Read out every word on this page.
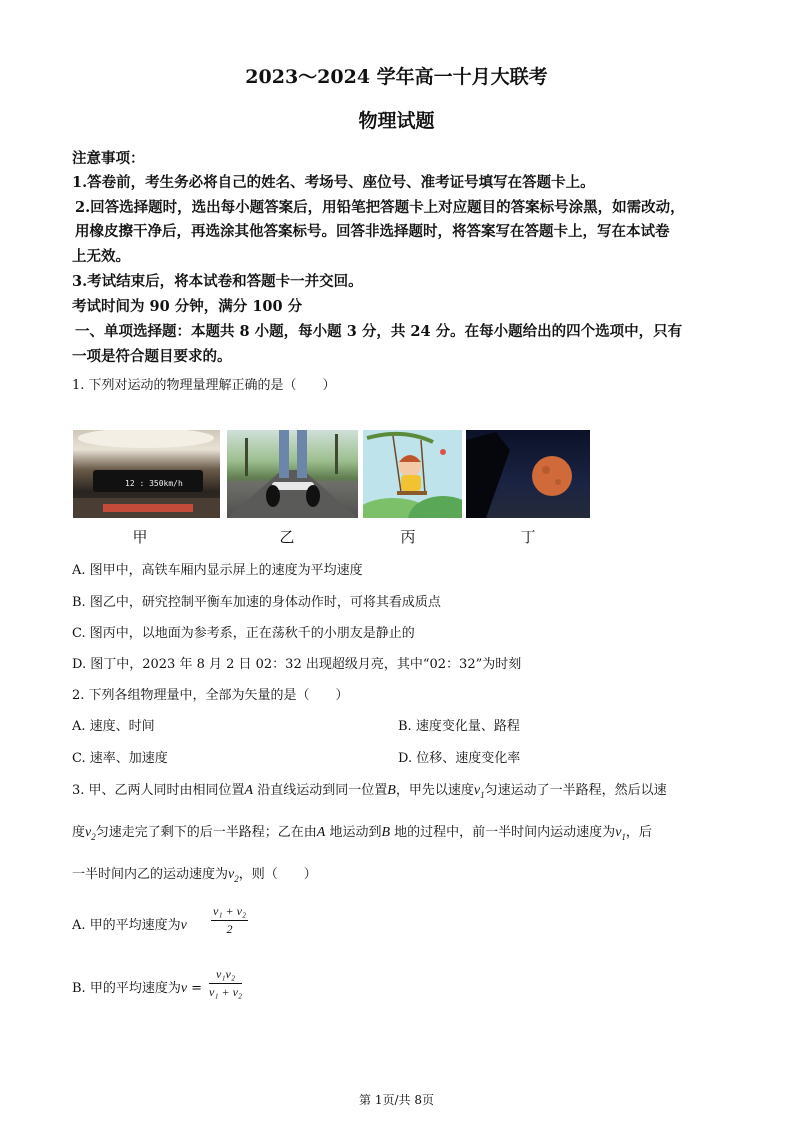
2023～2024 学年高一十月大联考
物理试题
注意事项：
1.答卷前，考生务必将自己的姓名、考场号、座位号、准考证号填写在答题卡上。
2.回答选择题时，选出每小题答案后，用铅笔把答题卡上对应题目的答案标号涂黑，如需改动，
用橡皮擦干净后，再选涂其他答案标号。回答非选择题时，将答案写在答题卡上，写在本试卷
上无效。
3.考试结束后，将本试卷和答题卡一并交回。
考试时间为 90 分钟，满分 100 分
一、单项选择题：本题共 8 小题，每小题 3 分，共 24 分。在每小题给出的四个选项中，只有
一项是符合题目要求的。
1. 下列对运动的物理量理解正确的是（　　）
12 : 350km/h
甲	乙	丙	丁
A. 图甲中，高铁车厢内显示屏上的速度为平均速度
B. 图乙中，研究控制平衡车加速的身体动作时，可将其看成质点
C. 图丙中，以地面为参考系，正在荡秋千的小朋友是静止的
D. 图丁中，2023 年 8 月 2 日 02：32 出现超级月亮，其中“02：32”为时刻
2. 下列各组物理量中，全部为矢量的是（　　）
A. 速度、时间	B. 速度变化量、路程
C. 速率、加速度	D. 位移、速度变化率
3. 甲、乙两人同时由相同位置A 沿直线运动到同一位置B，甲先以速度$v_1$匀速运动了一半路程，然后以速
度$v_2$匀速走完了剩下的后一半路程；乙在由A 地运动到B 地的过程中，前一半时间内运动速度为$v_1$，后
一半时间内乙的运动速度为$v_2$，则（　　）
A. 甲的平均速度为v $\frac{\text{v₁ + v₂}}{2}$
B. 甲的平均速度为$v = \frac{\text{v₁v₂}}{\text{v₁ + v₂}}$
第 1页/共 8页
